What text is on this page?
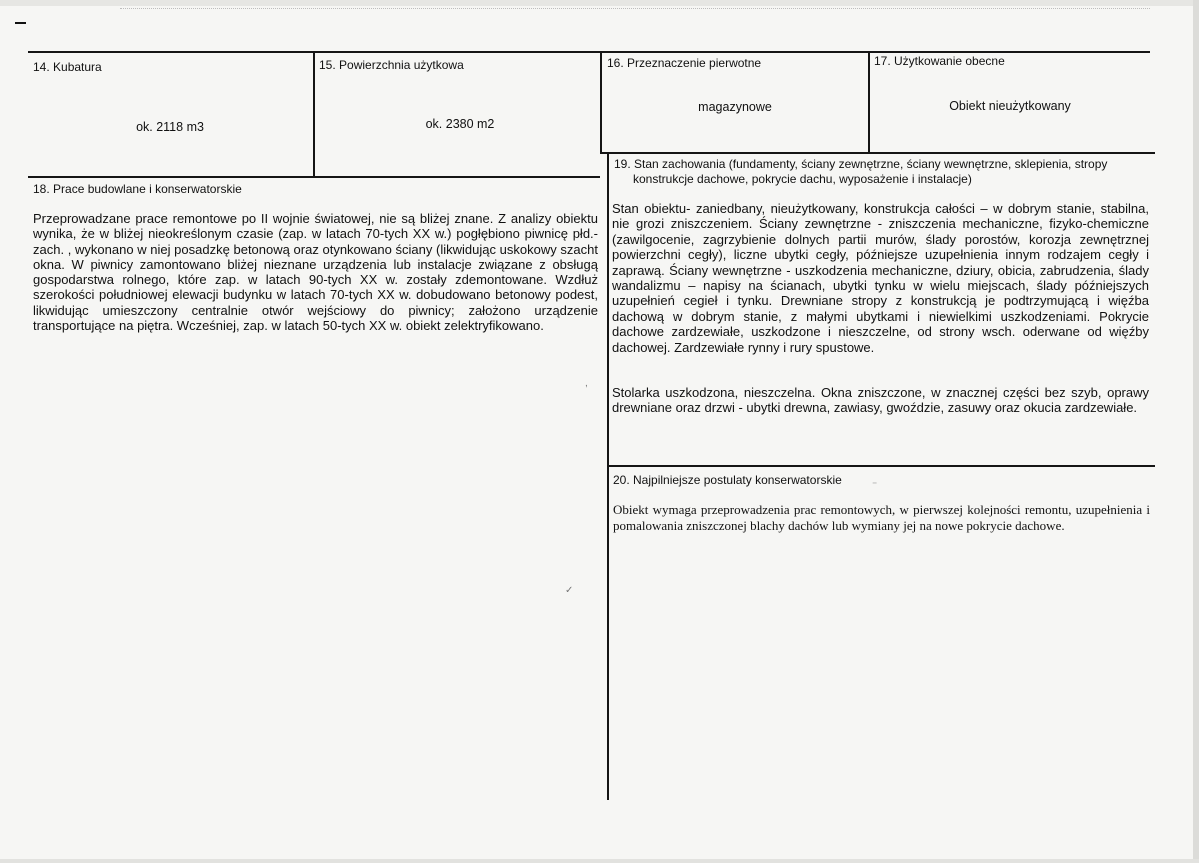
14. Kubatura
ok. 2118 m3
15. Powierzchnia użytkowa
ok. 2380 m2
16. Przeznaczenie pierwotne
magazynowe
17. Użytkowanie obecne
Obiekt nieużytkowany
18. Prace budowlane i konserwatorskie
Przeprowadzane prace remontowe po II wojnie światowej, nie są bliżej znane. Z analizy obiektu wynika, że w bliżej nieokreślonym czasie (zap. w latach 70-tych XX w.) pogłębiono piwnicę płd.- zach. , wykonano w niej posadzkę betonową oraz otynkowano ściany (likwidując uskokowy szacht okna. W piwnicy zamontowano bliżej nieznane urządzenia lub instalacje związane z obsługą gospodarstwa rolnego, które zap. w latach 90-tych XX w. zostały zdemontowane. Wzdłuż szerokości południowej elewacji budynku w latach 70-tych XX w. dobudowano betonowy podest, likwidując umieszczony centralnie otwór wejściowy do piwnicy; założono urządzenie transportujące na piętra. Wcześniej, zap. w latach 50-tych XX w. obiekt zelektryfikowano.
19. Stan zachowania (fundamenty, ściany zewnętrzne, ściany wewnętrzne, sklepienia, stropy
konstrukcje dachowe, pokrycie dachu, wyposażenie i instalacje)
Stan obiektu- zaniedbany, nieużytkowany, konstrukcja całości – w dobrym stanie, stabilna, nie grozi zniszczeniem. Ściany zewnętrzne - zniszczenia mechaniczne, fizyko-chemiczne (zawilgocenie, zagrzybienie dolnych partii murów, ślady porostów, korozja zewnętrznej powierzchni cegły), liczne ubytki cegły, późniejsze uzupełnienia innym rodzajem cegły i zaprawą. Ściany wewnętrzne - uszkodzenia mechaniczne, dziury, obicia, zabrudzenia, ślady wandalizmu – napisy na ścianach, ubytki tynku w wielu miejscach, ślady późniejszych uzupełnień cegieł i tynku. Drewniane stropy z konstrukcją je podtrzymującą i więźba dachową w dobrym stanie, z małymi ubytkami i niewielkimi uszkodzeniami. Pokrycie dachowe zardzewiałe, uszkodzone i nieszczelne, od strony wsch. oderwane od więźby dachowej. Zardzewiałe rynny i rury spustowe.
Stolarka uszkodzona, nieszczelna. Okna zniszczone, w znacznej części bez szyb, oprawy drewniane oraz drzwi - ubytki drewna, zawiasy, gwoździe, zasuwy oraz okucia zardzewiałe.
20. Najpilniejsze postulaty konserwatorskie
Obiekt wymaga przeprowadzenia prac remontowych, w pierwszej kolejności remontu, uzupełnienia i pomalowania zniszczonej blachy dachów lub wymiany jej na nowe pokrycie dachowe.
,
✓
⁻
